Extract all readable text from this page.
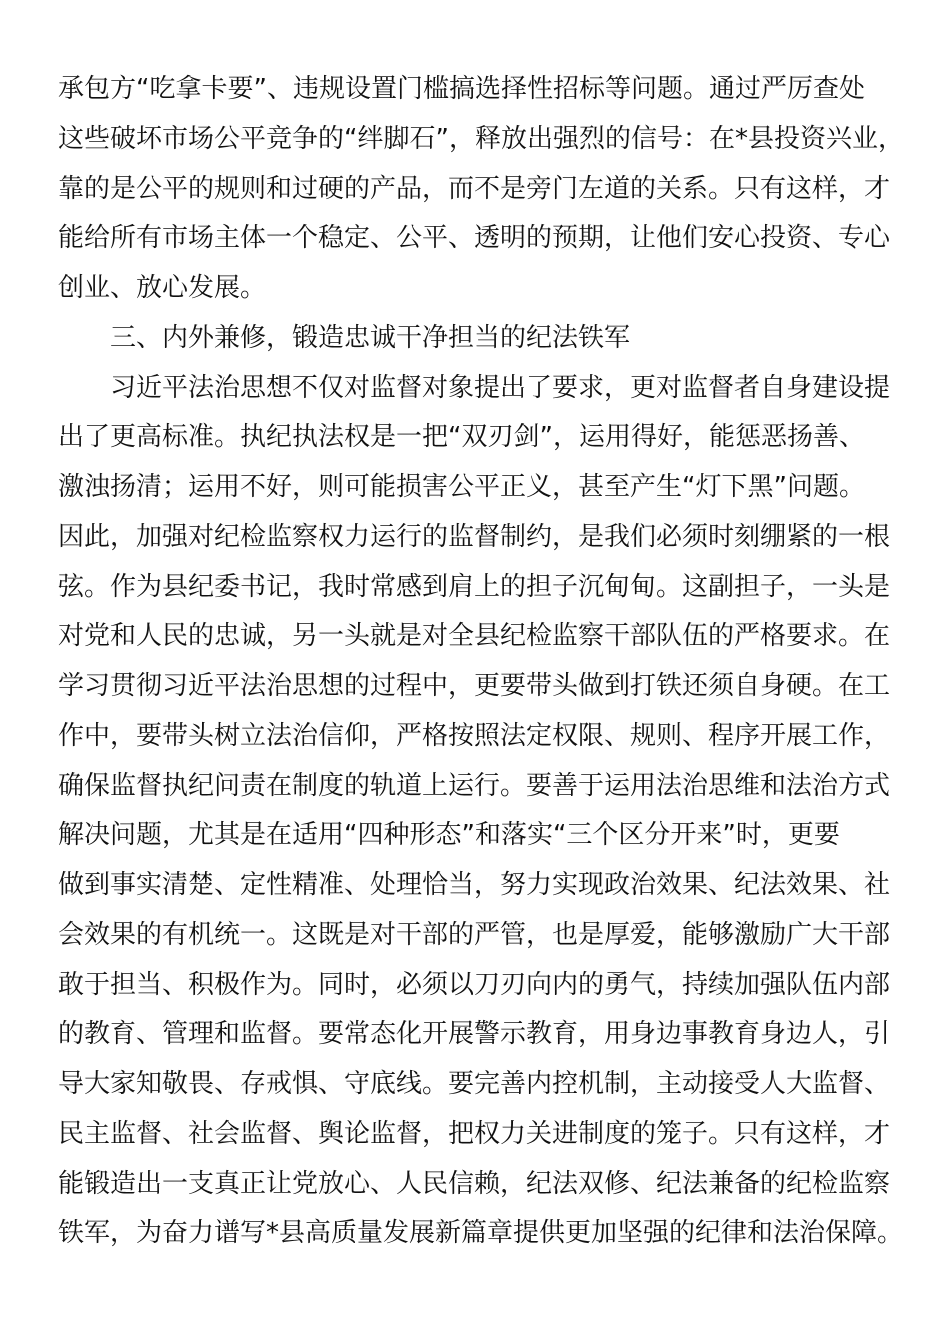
承包方“吃拿卡要”、违规设置门槛搞选择性招标等问题。通过严厉查处
这些破坏市场公平竞争的“绊脚石”，释放出强烈的信号：在*县投资兴业，
靠的是公平的规则和过硬的产品，而不是旁门左道的关系。只有这样，才
能给所有市场主体一个稳定、公平、透明的预期，让他们安心投资、专心
创业、放心发展。
三、内外兼修，锻造忠诚干净担当的纪法铁军
习近平法治思想不仅对监督对象提出了要求，更对监督者自身建设提
出了更高标准。执纪执法权是一把“双刃剑”，运用得好，能惩恶扬善、
激浊扬清；运用不好，则可能损害公平正义，甚至产生“灯下黑”问题。
因此，加强对纪检监察权力运行的监督制约，是我们必须时刻绷紧的一根
弦。作为县纪委书记，我时常感到肩上的担子沉甸甸。这副担子，一头是
对党和人民的忠诚，另一头就是对全县纪检监察干部队伍的严格要求。在
学习贯彻习近平法治思想的过程中，更要带头做到打铁还须自身硬。在工
作中，要带头树立法治信仰，严格按照法定权限、规则、程序开展工作，
确保监督执纪问责在制度的轨道上运行。要善于运用法治思维和法治方式
解决问题，尤其是在适用“四种形态”和落实“三个区分开来”时，更要
做到事实清楚、定性精准、处理恰当，努力实现政治效果、纪法效果、社
会效果的有机统一。这既是对干部的严管，也是厚爱，能够激励广大干部
敢于担当、积极作为。同时，必须以刀刃向内的勇气，持续加强队伍内部
的教育、管理和监督。要常态化开展警示教育，用身边事教育身边人，引
导大家知敬畏、存戒惧、守底线。要完善内控机制，主动接受人大监督、
民主监督、社会监督、舆论监督，把权力关进制度的笼子。只有这样，才
能锻造出一支真正让党放心、人民信赖，纪法双修、纪法兼备的纪检监察
铁军，为奋力谱写*县高质量发展新篇章提供更加坚强的纪律和法治保障。
